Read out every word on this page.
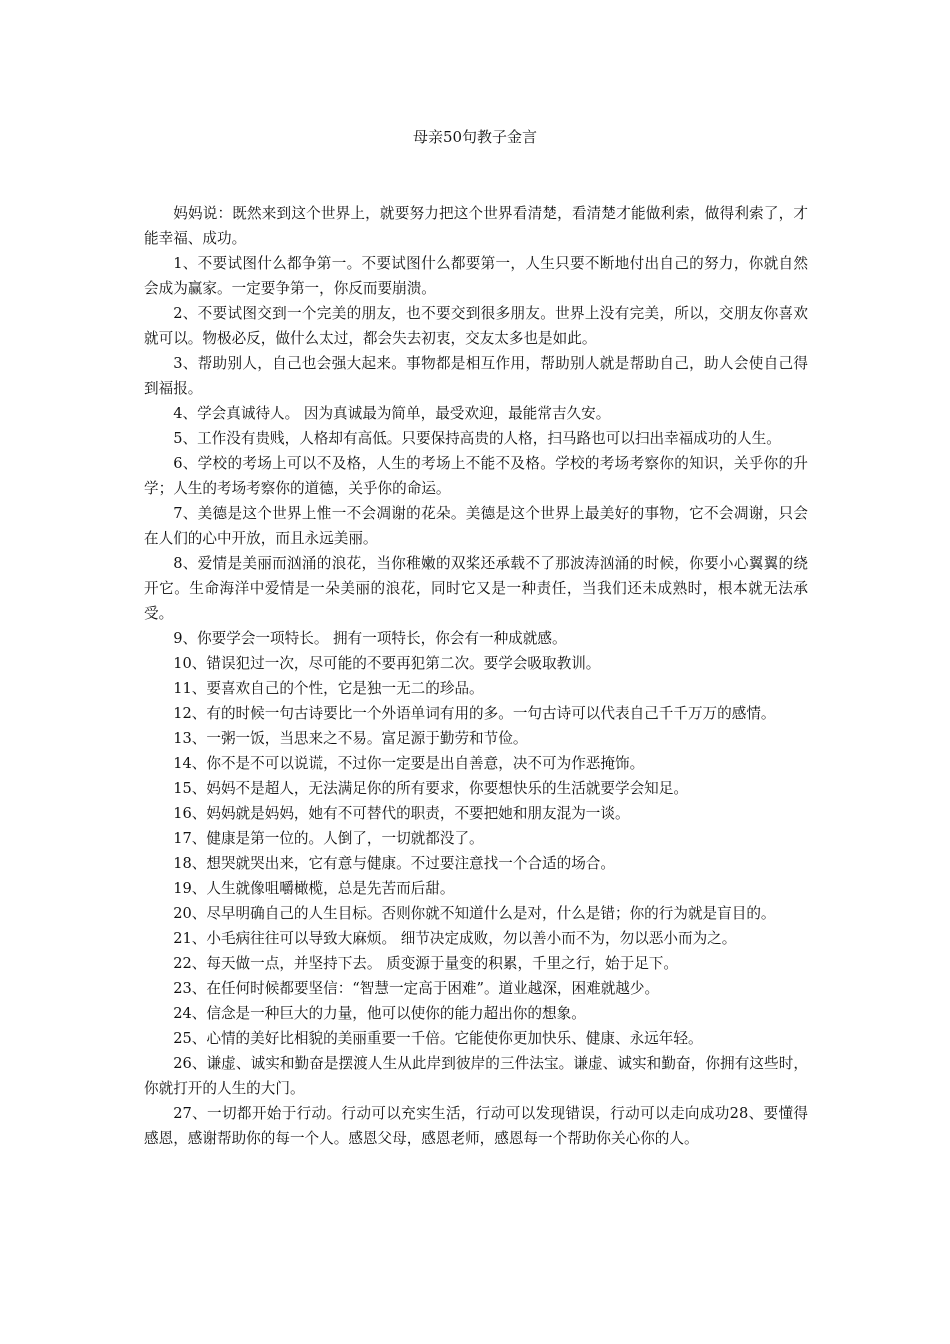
母亲50句教子金言

妈妈说：既然来到这个世界上，就要努力把这个世界看清楚，看清楚才能做利索，做得利索了，才能幸福、成功。

1、不要试图什么都争第一。不要试图什么都要第一，人生只要不断地付出自己的努力，你就自然会成为赢家。一定要争第一，你反而要崩溃。

2、不要试图交到一个完美的朋友，也不要交到很多朋友。世界上没有完美，所以，交朋友你喜欢就可以。物极必反，做什么太过，都会失去初衷，交友太多也是如此。

3、帮助别人，自己也会强大起来。事物都是相互作用，帮助别人就是帮助自己，助人会使自己得到福报。

4、学会真诚待人。 因为真诚最为简单，最受欢迎，最能常吉久安。

5、工作没有贵贱，人格却有高低。只要保持高贵的人格，扫马路也可以扫出幸福成功的人生。

6、学校的考场上可以不及格，人生的考场上不能不及格。学校的考场考察你的知识，关乎你的升学；人生的考场考察你的道德，关乎你的命运。

7、美德是这个世界上惟一不会凋谢的花朵。美德是这个世界上最美好的事物，它不会凋谢，只会在人们的心中开放，而且永远美丽。

8、爱情是美丽而汹涌的浪花，当你稚嫩的双桨还承载不了那波涛汹涌的时候，你要小心翼翼的绕开它。生命海洋中爱情是一朵美丽的浪花，同时它又是一种责任，当我们还未成熟时，根本就无法承受。

9、你要学会一项特长。 拥有一项特长，你会有一种成就感。

10、错误犯过一次，尽可能的不要再犯第二次。要学会吸取教训。

11、要喜欢自己的个性，它是独一无二的珍品。

12、有的时候一句古诗要比一个外语单词有用的多。一句古诗可以代表自己千千万万的感情。

13、一粥一饭，当思来之不易。富足源于勤劳和节俭。

14、你不是不可以说谎，不过你一定要是出自善意，决不可为作恶掩饰。

15、妈妈不是超人，无法满足你的所有要求，你要想快乐的生活就要学会知足。

16、妈妈就是妈妈，她有不可替代的职责，不要把她和朋友混为一谈。

17、健康是第一位的。人倒了，一切就都没了。

18、想哭就哭出来，它有意与健康。不过要注意找一个合适的场合。

19、人生就像咀嚼橄榄，总是先苦而后甜。

20、尽早明确自己的人生目标。否则你就不知道什么是对，什么是错；你的行为就是盲目的。

21、小毛病往往可以导致大麻烦。 细节决定成败，勿以善小而不为，勿以恶小而为之。

22、每天做一点，并坚持下去。 质变源于量变的积累，千里之行，始于足下。

23、在任何时候都要坚信：“智慧一定高于困难”。道业越深，困难就越少。

24、信念是一种巨大的力量，他可以使你的能力超出你的想象。

25、心情的美好比相貌的美丽重要一千倍。它能使你更加快乐、健康、永远年轻。

26、谦虚、诚实和勤奋是摆渡人生从此岸到彼岸的三件法宝。谦虚、诚实和勤奋，你拥有这些时，你就打开的人生的大门。

27、一切都开始于行动。行动可以充实生活，行动可以发现错误，行动可以走向成功28、要懂得感恩，感谢帮助你的每一个人。感恩父母，感恩老师，感恩每一个帮助你关心你的人。
